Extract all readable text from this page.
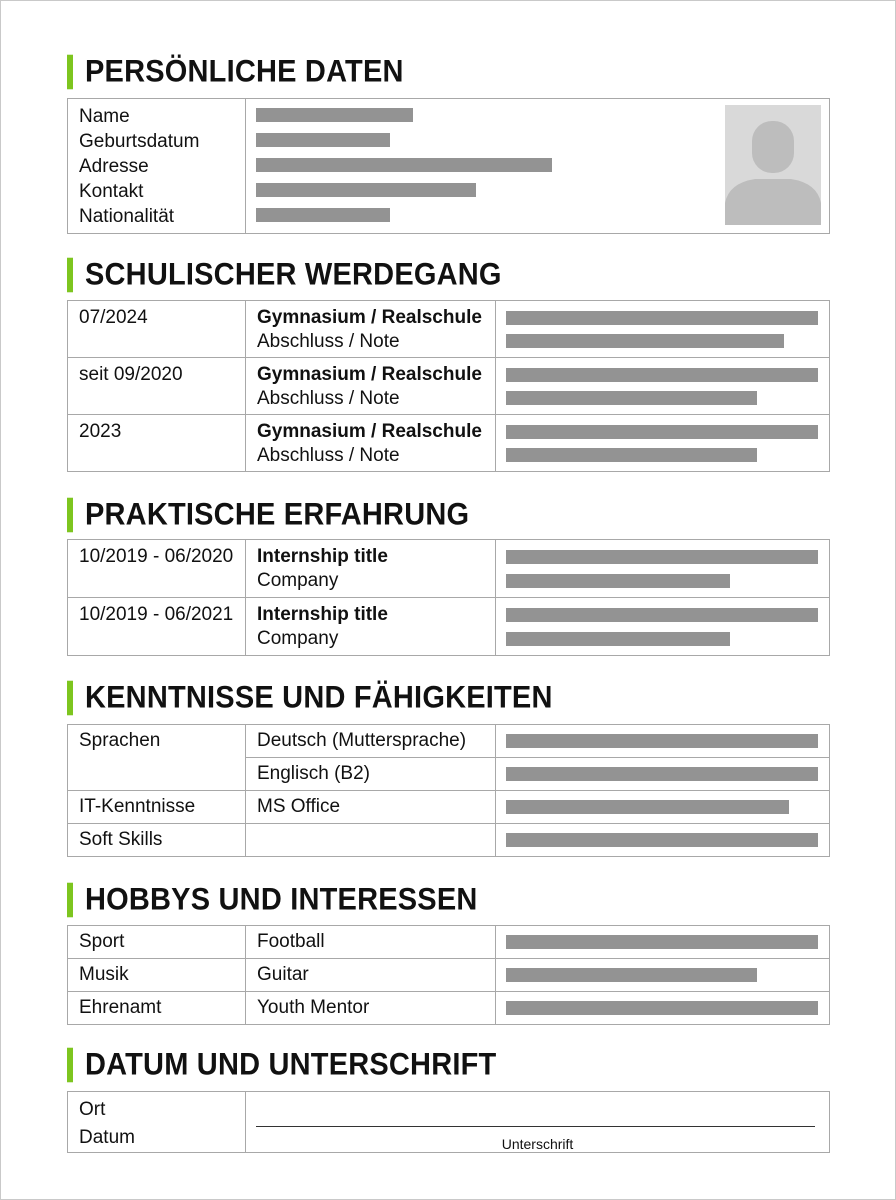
PERSÖNLICHE DATEN
Name
Geburtsdatum
Adresse
Kontakt
Nationalität

SCHULISCHER WERDEGANG
07/2024	Gymnasium / Realschule
Abschluss / Note	

seit 09/2020	Gymnasium / Realschule
Abschluss / Note	

2023	Gymnasium / Realschule
Abschluss / Note	

PRAKTISCHE ERFAHRUNG
10/2019 - 06/2020	Internship title
Company	

10/2019 - 06/2021	Internship title
Company	

KENNTNISSE UND FÄHIGKEITEN
Sprachen	Deutsch (Muttersprache)	

	Englisch (B2)	

IT-Kenntnisse	MS Office	

Soft Skills		
HOBBYS UND INTERESSEN
Sport	Football	

Musik	Guitar	

Ehrenamt	Youth Mentor	
DATUM UND UNTERSCHRIFT
Ort
Datum	Unterschrift
